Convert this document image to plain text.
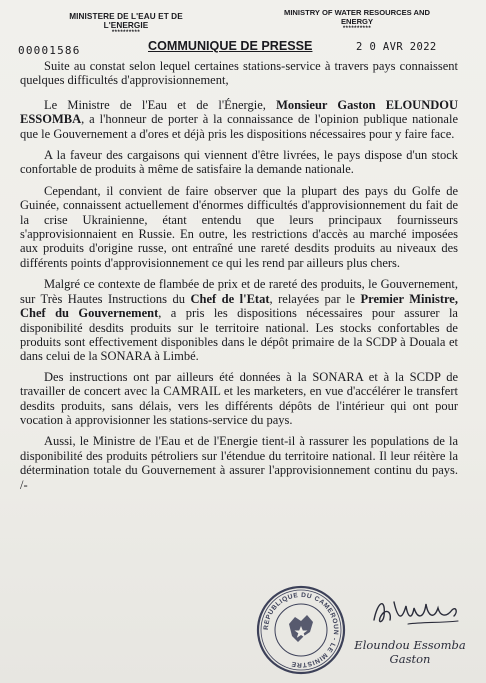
MINISTERE DE L'EAU ET DE L'ENERGIE
**********
MINISTRY OF WATER RESOURCES AND
ENERGY
**********
00001586	COMMUNIQUE DE PRESSE	2 0 AVR 2022

Suite au constat selon lequel certaines stations-service à travers pays connaissent quelques difficultés d'approvisionnement,

Le Ministre de l'Eau et de l'Énergie, Monsieur Gaston ELOUNDOU ESSOMBA, a l'honneur de porter à la connaissance de l'opinion publique nationale que le Gouvernement a d'ores et déjà pris les dispositions nécessaires pour y faire face.

A la faveur des cargaisons qui viennent d'être livrées, le pays dispose d'un stock confortable de produits à même de satisfaire la demande nationale.

Cependant, il convient de faire observer que la plupart des pays du Golfe de Guinée, connaissent actuellement d'énormes difficultés d'approvisionnement du fait de la crise Ukrainienne, étant entendu que leurs principaux fournisseurs s'approvisionnaient en Russie. En outre, les restrictions d'accès au marché imposées aux produits d'origine russe, ont entraîné une rareté desdits produits au niveaux des différents points d'approvisionnement ce qui les rend par ailleurs plus chers.

Malgré ce contexte de flambée de prix et de rareté des produits, le Gouvernement, sur Très Hautes Instructions du Chef de l'Etat, relayées par le Premier Ministre, Chef du Gouvernement, a pris les dispositions nécessaires pour assurer la disponibilité desdits produits sur le territoire national. Les stocks confortables de produits sont effectivement disponibles dans le dépôt primaire de la SCDP à Douala et dans celui de la SONARA à Limbé.

Des instructions ont par ailleurs été données à la SONARA et à la SCDP de travailler de concert avec la CAMRAIL et les marketers, en vue d'accélérer le transfert desdits produits, sans délais, vers les différents dépôts de l'intérieur qui ont pour vocation à approvisionner les stations-service du pays.

Aussi, le Ministre de l'Eau et de l'Energie tient-il à rassurer les populations de la disponibilité des produits pétroliers sur l'étendue du territoire national. Il leur réitère la détermination totale du Gouvernement à assurer l'approvisionnement continu du pays. /-

REPUBLIQUE DU CAMEROUN - LE MINISTRE
Eloundou Essomba Gaston
